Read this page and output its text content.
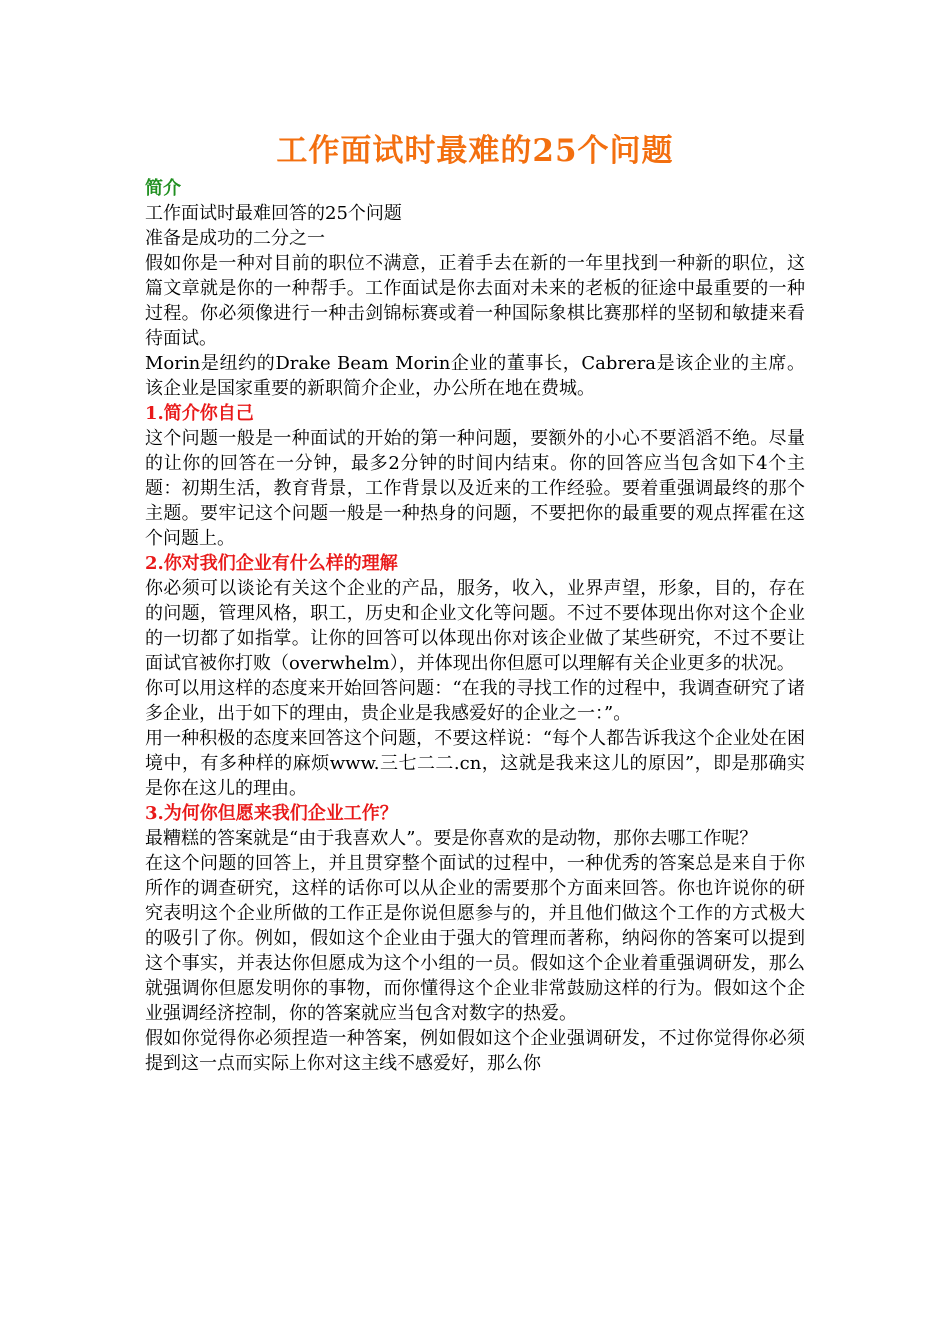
工作面试时最难的25个问题
简介
工作面试时最难回答的25个问题
准备是成功的二分之一
假如你是一种对目前的职位不满意，正着手去在新的一年里找到一种新的职位，这篇文章就是你的一种帮手。工作面试是你去面对未来的老板的征途中最重要的一种过程。你必须像进行一种击剑锦标赛或着一种国际象棋比赛那样的坚韧和敏捷来看待面试。
Morin是纽约的Drake Beam Morin企业的董事长，Cabrera是该企业的主席。该企业是国家重要的新职简介企业，办公所在地在费城。
1.简介你自己
这个问题一般是一种面试的开始的第一种问题，要额外的小心不要滔滔不绝。尽量的让你的回答在一分钟，最多2分钟的时间内结束。你的回答应当包含如下4个主题：初期生活，教育背景，工作背景以及近来的工作经验。要着重强调最终的那个主题。要牢记这个问题一般是一种热身的问题，不要把你的最重要的观点挥霍在这个问题上。
2.你对我们企业有什么样的理解
你必须可以谈论有关这个企业的产品，服务，收入，业界声望，形象，目的，存在的问题，管理风格，职工，历史和企业文化等问题。不过不要体现出你对这个企业的一切都了如指掌。让你的回答可以体现出你对该企业做了某些研究，不过不要让面试官被你打败（overwhelm），并体现出你但愿可以理解有关企业更多的状况。
你可以用这样的态度来开始回答问题：“在我的寻找工作的过程中，我调查研究了诸多企业，出于如下的理由，贵企业是我感爱好的企业之一：”。
用一种积极的态度来回答这个问题，不要这样说：“每个人都告诉我这个企业处在困境中，有多种样的麻烦www.三七二二.cn，这就是我来这儿的原因”，即是那确实是你在这儿的理由。
3.为何你但愿来我们企业工作？
最糟糕的答案就是“由于我喜欢人”。要是你喜欢的是动物，那你去哪工作呢？
在这个问题的回答上，并且贯穿整个面试的过程中，一种优秀的答案总是来自于你所作的调查研究，这样的话你可以从企业的需要那个方面来回答。你也许说你的研究表明这个企业所做的工作正是你说但愿参与的，并且他们做这个工作的方式极大的吸引了你。例如，假如这个企业由于强大的管理而著称，纳闷你的答案可以提到这个事实，并表达你但愿成为这个小组的一员。假如这个企业着重强调研发，那么就强调你但愿发明你的事物，而你懂得这个企业非常鼓励这样的行为。假如这个企业强调经济控制，你的答案就应当包含对数字的热爱。
假如你觉得你必须捏造一种答案，例如假如这个企业强调研发，不过你觉得你必须提到这一点而实际上你对这主线不感爱好，那么你
